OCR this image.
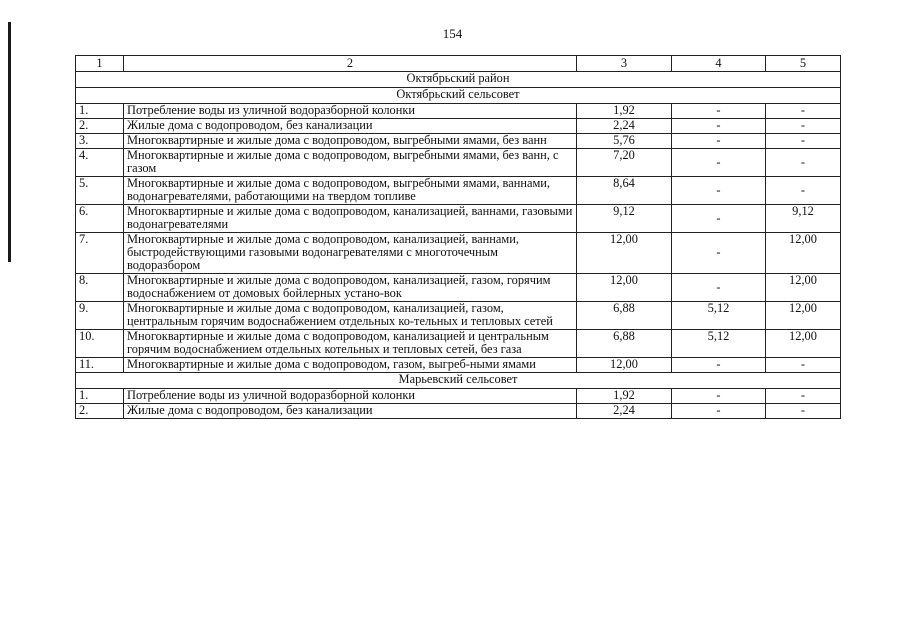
154
1	2	3	4	5
Октябрьский район				
Октябрьский сельсовет				
1.	Потребление воды из уличной водоразборной колонки	1,92	-	-
2.	Жилые дома с водопроводом, без канализации	2,24	-	-
3.	Многоквартирные и жилые дома с водопроводом, выгребными ямами, без ванн	5,76	-	-
4.	Многоквартирные и жилые дома с водопроводом, выгребными ямами, без ванн, с газом	7,20	-	-
5.	Многоквартирные и жилые дома с водопроводом, выгребными ямами, ваннами, водонагревателями, работающими на твердом топливе	8,64	-	-
6.	Многоквартирные и жилые дома с водопроводом, канализацией, ваннами, газовыми водонагревателями	9,12	-	9,12
7.	Многоквартирные и жилые дома с водопроводом, канализацией, ваннами, быстродействующими газовыми водонагревателями с многоточечным водоразбором	12,00	-	12,00
8.	Многоквартирные и жилые дома с водопроводом, канализацией, газом, горячим водоснабжением от домовых бойлерных устано-вок	12,00	-	12,00
9.	Многоквартирные и жилые дома с водопроводом, канализацией, газом, центральным горячим водоснабжением отдельных ко-тельных и тепловых сетей	6,88	5,12	12,00
10.	Многоквартирные и жилые дома с водопроводом, канализацией и центральным горячим водоснабжением отдельных котельных и тепловых сетей, без газа	6,88	5,12	12,00
11.	Многоквартирные и жилые дома с водопроводом, газом, выгреб-ными ямами	12,00	-	-
Марьевский сельсовет				
1.	Потребление воды из уличной водоразборной колонки	1,92	-	-
2.	Жилые дома с водопроводом, без канализации	2,24	-	-
